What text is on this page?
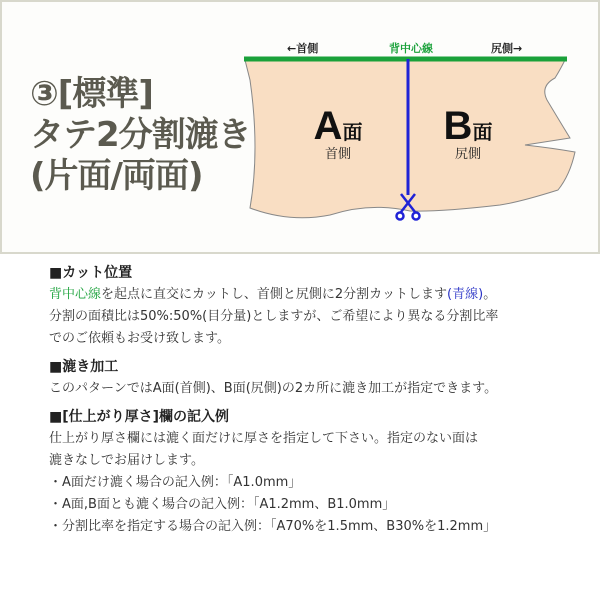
③[標準]
タテ2分割漉き
(片面/両面)
←首側	背中心線	尻側→
A面
首側
B面
尻側
■カット位置
背中心線を起点に直交にカットし、首側と尻側に2分割カットします(青線)。
分割の面積比は50%:50%(目分量)としますが、ご希望により異なる分割比率
でのご依頼もお受け致します。
■漉き加工
このパターンではA面(首側)、B面(尻側)の2カ所に漉き加工が指定できます。
■[仕上がり厚さ]欄の記入例
仕上がり厚さ欄には漉く面だけに厚さを指定して下さい。指定のない面は
漉きなしでお届けします。
・A面だけ漉く場合の記入例：「A1.0mm」
・A面,B面とも漉く場合の記入例：「A1.2mm、B1.0mm」
・分割比率を指定する場合の記入例：「A70%を1.5mm、B30%を1.2mm」
